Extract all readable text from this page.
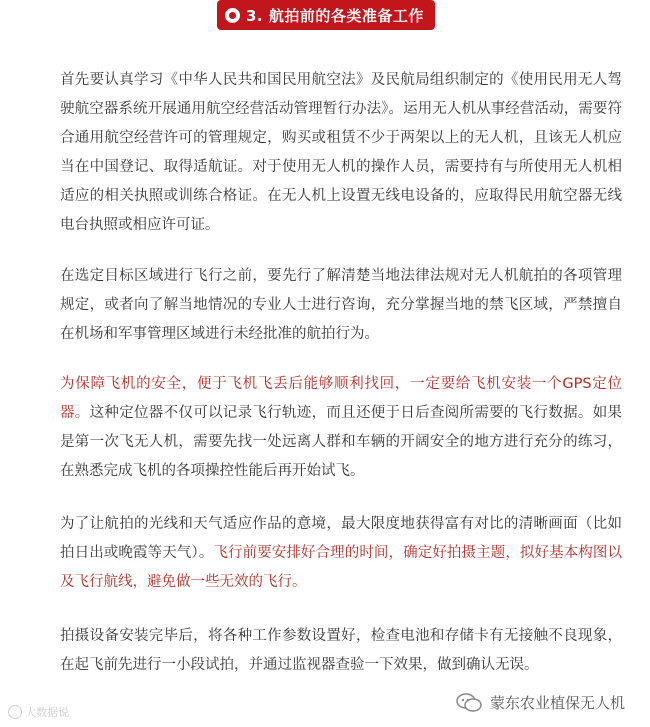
3. 航拍前的各类准备工作

首先要认真学习《中华人民共和国民用航空法》及民航局组织制定的《使用民用无人驾驶航空器系统开展通用航空经营活动管理暂行办法》。运用无人机从事经营活动，需要符合通用航空经营许可的管理规定，购买或租赁不少于两架以上的无人机，且该无人机应当在中国登记、取得适航证。对于使用无人机的操作人员，需要持有与所使用无人机相适应的相关执照或训练合格证。在无人机上设置无线电设备的，应取得民用航空器无线电台执照或相应许可证。

在选定目标区域进行飞行之前，要先行了解清楚当地法律法规对无人机航拍的各项管理规定，或者向了解当地情况的专业人士进行咨询，充分掌握当地的禁飞区域，严禁擅自在机场和军事管理区域进行未经批准的航拍行为。

为保障飞机的安全，便于飞机飞丢后能够顺利找回，一定要给飞机安装一个GPS定位器。这种定位器不仅可以记录飞行轨迹，而且还便于日后查阅所需要的飞行数据。如果是第一次飞无人机，需要先找一处远离人群和车辆的开阔安全的地方进行充分的练习，在熟悉完成飞机的各项操控性能后再开始试飞。

为了让航拍的光线和天气适应作品的意境，最大限度地获得富有对比的清晰画面（比如拍日出或晚霞等天气）。飞行前要安排好合理的时间，确定好拍摄主题，拟好基本构图以及飞行航线，避免做一些无效的飞行。

拍摄设备安装完毕后，将各种工作参数设置好，检查电池和存储卡有无接触不良现象，在起飞前先进行一小段试拍，并通过监视器查验一下效果，做到确认无误。

大数据说
蒙东农业植保无人机
